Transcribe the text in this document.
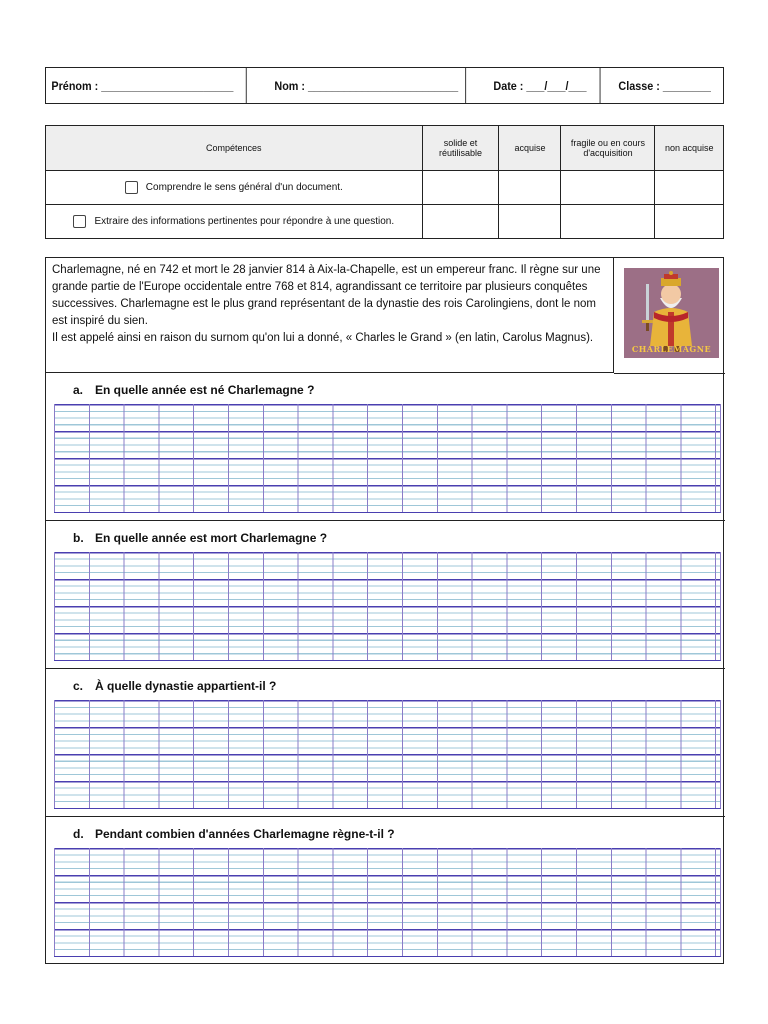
Prénom : ______________________	Nom : _________________________	Date : ___/___/___	Classe : ________
Compétences	solide et réutilisable	acquise	fragile ou en cours d'acquisition	non acquise
Comprendre le sens général d'un document.				
Extraire des informations pertinentes pour répondre à une question.				

Charlemagne, né en 742 et mort le 28 janvier 814 à Aix-la-Chapelle, est un empereur franc. Il règne sur une grande partie de l'Europe occidentale entre 768 et 814, agrandissant ce territoire par plusieurs conquêtes successives. Charlemagne est le plus grand représentant de la dynastie des rois Carolingiens, dont le nom est inspiré du sien.

Il est appelé ainsi en raison du surnom qu'on lui a donné, « Charles le Grand » (en latin, Carolus Magnus).

CHARLEMAGNE
a. En quelle année est né Charlemagne ?
b. En quelle année est mort Charlemagne ?
c. À quelle dynastie appartient-il ?
d. Pendant combien d'années Charlemagne règne-t-il ?
